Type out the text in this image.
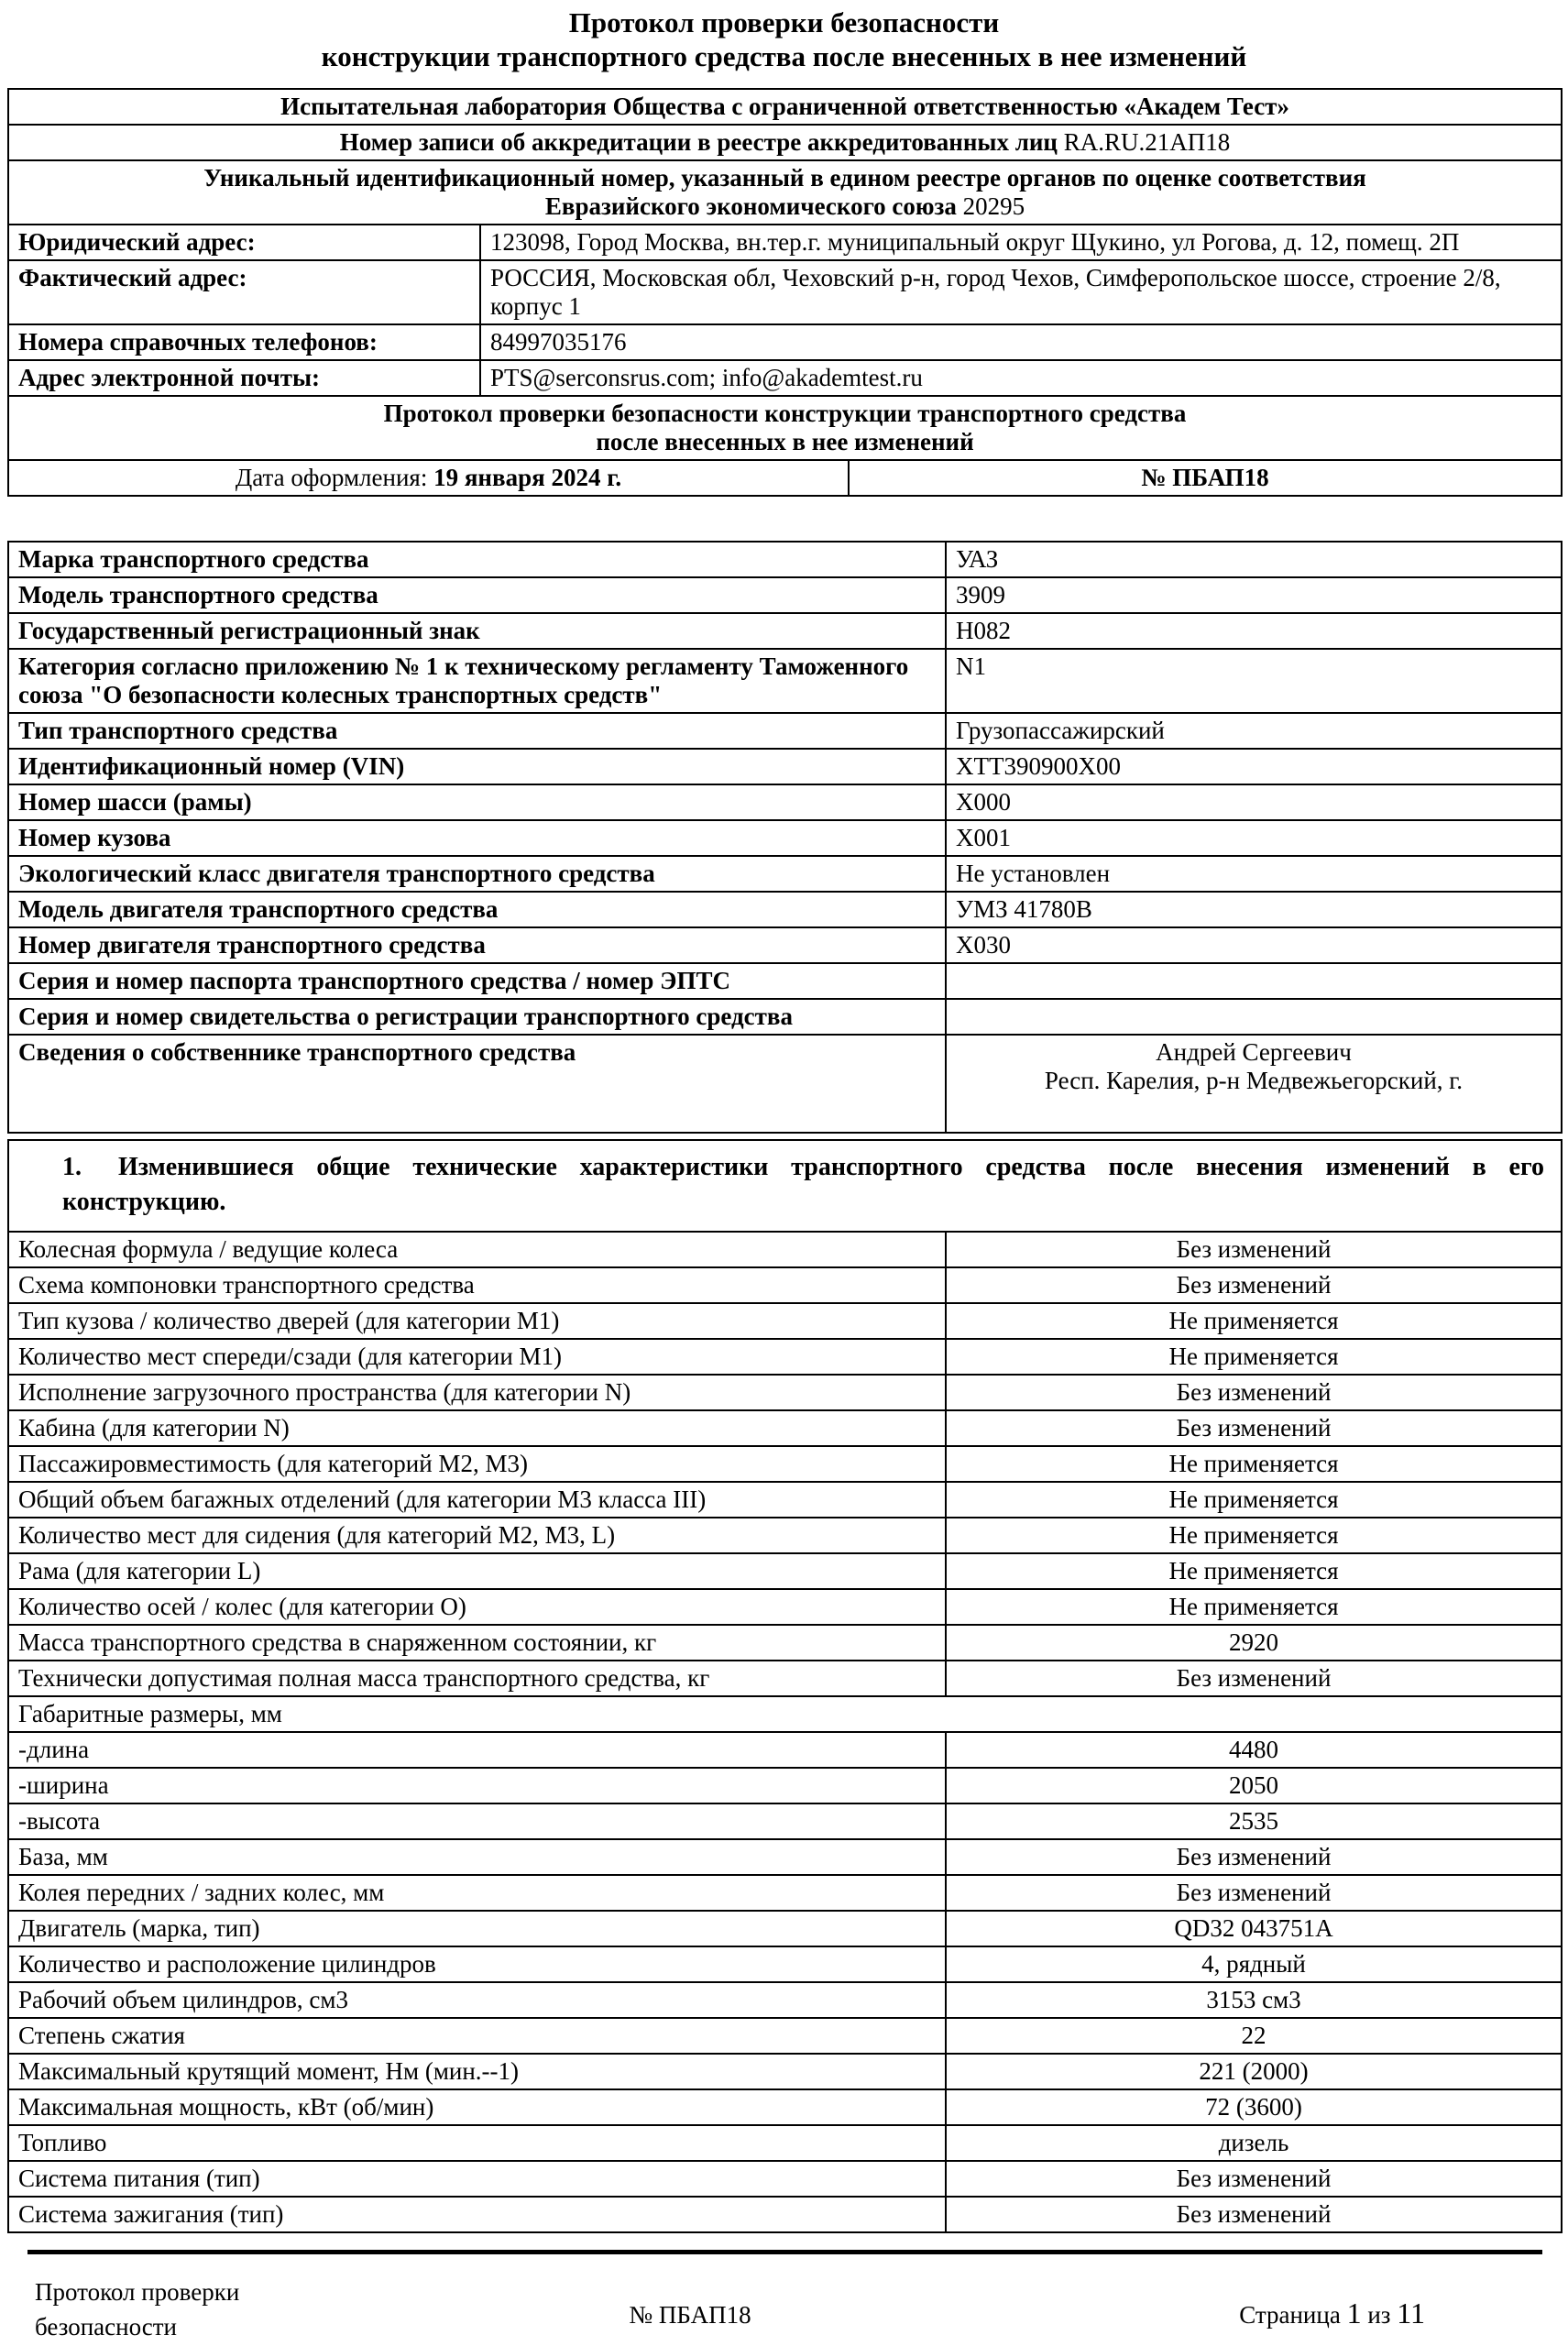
Протокол проверки безопасности
конструкции транспортного средства после внесенных в нее изменений
Испытательная лаборатория Общества с ограниченной ответственностью «Академ Тест»		
Номер записи об аккредитации в реестре аккредитованных лиц RA.RU.21АП18		

Уникальный идентификационный номер, указанный в едином реестре органов по оценке соответствия
Евразийского экономического союза 20295		

Юридический адрес:	123098, Город Москва, вн.тер.г. муниципальный округ Щукино, ул Рогова, д. 12, помещ. 2П	
Фактический адрес:	РОССИЯ, Московская обл, Чеховский р-н, город Чехов, Симферопольское шоссе, строение 2/8, корпус 1	
Номера справочных телефонов:	84997035176	
Адрес электронной почты:	PTS@serconsrus.com; info@akademtest.ru	

Протокол проверки безопасности конструкции транспортного средства
после внесенных в нее изменений		

Дата оформления: 19 января 2024 г.		№ ПБАП18
Марка транспортного средства	УАЗ
Модель транспортного средства	3909
Государственный регистрационный знак	Н082
Категория согласно приложению № 1 к техническому регламенту Таможенного союза "О безопасности колесных транспортных средств"	N1
Тип транспортного средства	Грузопассажирский
Идентификационный номер (VIN)	XTT390900X00
Номер шасси (рамы)	Х000
Номер кузова	Х001
Экологический класс двигателя транспортного средства	Не установлен
Модель двигателя транспортного средства	УМЗ 41780В
Номер двигателя транспортного средства	Х030
Серия и номер паспорта транспортного средства / номер ЭПТС	
Серия и номер свидетельства о регистрации транспортного средства	
Сведения о собственнике транспортного средства	Андрей Сергеевич
Респ. Карелия, р-н Медвежьегорский, г.
1. Изменившиеся общие технические характеристики транспортного средства после внесения изменений в его конструкцию.	
Колесная формула / ведущие колеса	Без изменений
Схема компоновки транспортного средства	Без изменений
Тип кузова / количество дверей (для категории M1)	Не применяется
Количество мест спереди/сзади (для категории M1)	Не применяется
Исполнение загрузочного пространства (для категории N)	Без изменений
Кабина (для категории N)	Без изменений
Пассажировместимость (для категорий M2, M3)	Не применяется
Общий объем багажных отделений (для категории M3 класса III)	Не применяется
Количество мест для сидения (для категорий M2, M3, L)	Не применяется
Рама (для категории L)	Не применяется
Количество осей / колес (для категории O)	Не применяется
Масса транспортного средства в снаряженном состоянии, кг	2920
Технически допустимая полная масса транспортного средства, кг	Без изменений
Габаритные размеры, мм	
-длина	4480
-ширина	2050
-высота	2535
База, мм	Без изменений
Колея передних / задних колес, мм	Без изменений
Двигатель (марка, тип)	QD32 043751A
Количество и расположение цилиндров	4, рядный
Рабочий объем цилиндров, см3	3153 см3
Степень сжатия	22
Максимальный крутящий момент, Нм (мин.--1)	221 (2000)
Максимальная мощность, кВт (об/мин)	72 (3600)
Топливо	дизель
Система питания (тип)	Без изменений
Система зажигания (тип)	Без изменений
Протокол проверки
безопасности	№ ПБАП18	Страница 1 из 11
